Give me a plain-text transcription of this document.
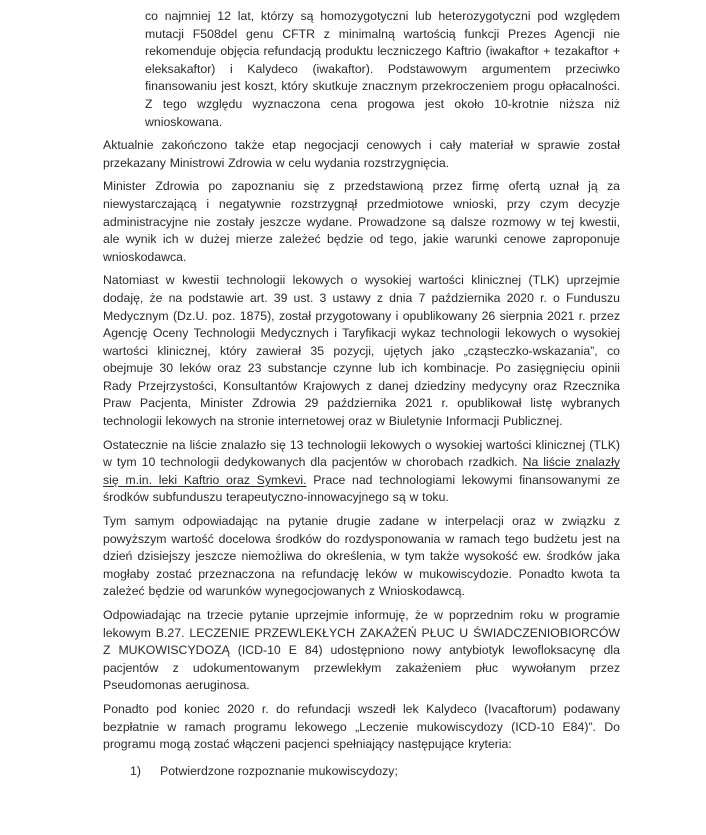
co najmniej 12 lat, którzy są homozygotyczni lub heterozygotyczni pod względem mutacji F508del genu CFTR z minimalną wartością funkcji Prezes Agencji nie rekomenduje objęcia refundacją produktu leczniczego Kaftrio (iwakaftor + tezakaftor + eleksakaftor) i Kalydeco (iwakaftor). Podstawowym argumentem przeciwko finansowaniu jest koszt, który skutkuje znacznym przekroczeniem progu opłacalności. Z tego względu wyznaczona cena progowa jest około 10-krotnie niższa niż wnioskowana.

Aktualnie zakończono także etap negocjacji cenowych i cały materiał w sprawie został przekazany Ministrowi Zdrowia w celu wydania rozstrzygnięcia.

Minister Zdrowia po zapoznaniu się z przedstawioną przez firmę ofertą uznał ją za niewystarczającą i negatywnie rozstrzygnął przedmiotowe wnioski, przy czym decyzje administracyjne nie zostały jeszcze wydane. Prowadzone są dalsze rozmowy w tej kwestii, ale wynik ich w dużej mierze zależeć będzie od tego, jakie warunki cenowe zaproponuje wnioskodawca.

Natomiast w kwestii technologii lekowych o wysokiej wartości klinicznej (TLK) uprzejmie dodaję, że na podstawie art. 39 ust. 3 ustawy z dnia 7 października 2020 r. o Funduszu Medycznym (Dz.U. poz. 1875), został przygotowany i opublikowany 26 sierpnia 2021 r. przez Agencję Oceny Technologii Medycznych i Taryfikacji wykaz technologii lekowych o wysokiej wartości klinicznej, który zawierał 35 pozycji, ujętych jako „cząsteczko-wskazania”, co obejmuje 30 leków oraz 23 substancje czynne lub ich kombinacje. Po zasięgnięciu opinii Rady Przejrzystości, Konsultantów Krajowych z danej dziedziny medycyny oraz Rzecznika Praw Pacjenta, Minister Zdrowia 29 października 2021 r. opublikował listę wybranych technologii lekowych na stronie internetowej oraz w Biuletynie Informacji Publicznej.

Ostatecznie na liście znalazło się 13 technologii lekowych o wysokiej wartości klinicznej (TLK) w tym 10 technologii dedykowanych dla pacjentów w chorobach rzadkich. Na liście znalazły się m.in. leki Kaftrio oraz Symkevi. Prace nad technologiami lekowymi finansowanymi ze środków subfunduszu terapeutyczno-innowacyjnego są w toku.

Tym samym odpowiadając na pytanie drugie zadane w interpelacji oraz w związku z powyższym wartość docelowa środków do rozdysponowania w ramach tego budżetu jest na dzień dzisiejszy jeszcze niemożliwa do określenia, w tym także wysokość ew. środków jaka mogłaby zostać przeznaczona na refundację leków w mukowiscydozie. Ponadto kwota ta zależeć będzie od warunków wynegocjowanych z Wnioskodawcą.

Odpowiadając na trzecie pytanie uprzejmie informuję, że w poprzednim roku w programie lekowym B.27. LECZENIE PRZEWLEKŁYCH ZAKAŻEŃ PŁUC U ŚWIADCZENIOBIORCÓW Z MUKOWISCYDOZĄ (ICD-10 E 84) udostępniono nowy antybiotyk lewofloksacynę dla pacjentów z udokumentowanym przewlekłym zakażeniem płuc wywołanym przez Pseudomonas aeruginosa.

Ponadto pod koniec 2020 r. do refundacji wszedł lek Kalydeco (Ivacaftorum) podawany bezpłatnie w ramach programu lekowego „Leczenie mukowiscydozy (ICD-10 E84)”. Do programu mogą zostać włączeni pacjenci spełniający następujące kryteria:

1)	Potwierdzone rozpoznanie mukowiscydozy;
